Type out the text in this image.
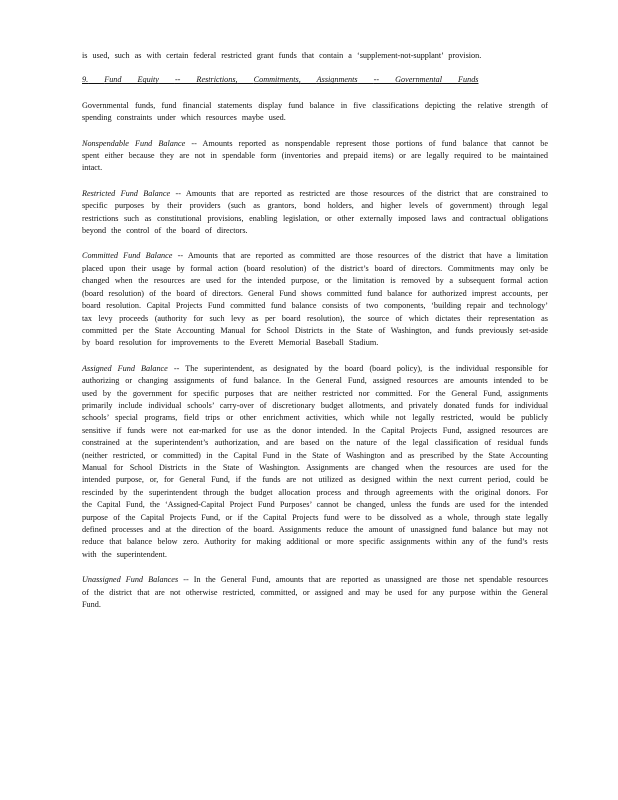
is used, such as with certain federal restricted grant funds that contain a ‘supplement-not-supplant’ provision.

9. Fund Equity -- Restrictions, Commitments, Assignments -- Governmental Funds

Governmental funds, fund financial statements display fund balance in five classifications depicting the relative strength of spending constraints under which resources maybe used.

Nonspendable Fund Balance -- Amounts reported as nonspendable represent those portions of fund balance that cannot be spent either because they are not in spendable form (inventories and prepaid items) or are legally required to be maintained intact.

Restricted Fund Balance -- Amounts that are reported as restricted are those resources of the district that are constrained to specific purposes by their providers (such as grantors, bond holders, and higher levels of government) through legal restrictions such as constitutional provisions, enabling legislation, or other externally imposed laws and contractual obligations beyond the control of the board of directors.

Committed Fund Balance -- Amounts that are reported as committed are those resources of the district that have a limitation placed upon their usage by formal action (board resolution) of the district’s board of directors. Commitments may only be changed when the resources are used for the intended purpose, or the limitation is removed by a subsequent formal action (board resolution) of the board of directors. General Fund shows committed fund balance for authorized imprest accounts, per board resolution. Capital Projects Fund committed fund balance consists of two components, ‘building repair and technology’ tax levy proceeds (authority for such levy as per board resolution), the source of which dictates their representation as committed per the State Accounting Manual for School Districts in the State of Washington, and funds previously set-aside by board resolution for improvements to the Everett Memorial Baseball Stadium.

Assigned Fund Balance -- The superintendent, as designated by the board (board policy), is the individual responsible for authorizing or changing assignments of fund balance. In the General Fund, assigned resources are amounts intended to be used by the government for specific purposes that are neither restricted nor committed. For the General Fund, assignments primarily include individual schools’ carry-over of discretionary budget allotments, and privately donated funds for individual schools’ special programs, field trips or other enrichment activities, which while not legally restricted, would be publicly sensitive if funds were not ear-marked for use as the donor intended. In the Capital Projects Fund, assigned resources are constrained at the superintendent’s authorization, and are based on the nature of the legal classification of residual funds (neither restricted, or committed) in the Capital Fund in the State of Washington and as prescribed by the State Accounting Manual for School Districts in the State of Washington. Assignments are changed when the resources are used for the intended purpose, or, for General Fund, if the funds are not utilized as designed within the next current period, could be rescinded by the superintendent through the budget allocation process and through agreements with the original donors. For the Capital Fund, the ‘Assigned-Capital Project Fund Purposes’ cannot be changed, unless the funds are used for the intended purpose of the Capital Projects Fund, or if the Capital Projects fund were to be dissolved as a whole, through state legally defined processes and at the direction of the board. Assignments reduce the amount of unassigned fund balance but may not reduce that balance below zero. Authority for making additional or more specific assignments within any of the fund’s rests with the superintendent.

Unassigned Fund Balances -- In the General Fund, amounts that are reported as unassigned are those net spendable resources of the district that are not otherwise restricted, committed, or assigned and may be used for any purpose within the General Fund.
